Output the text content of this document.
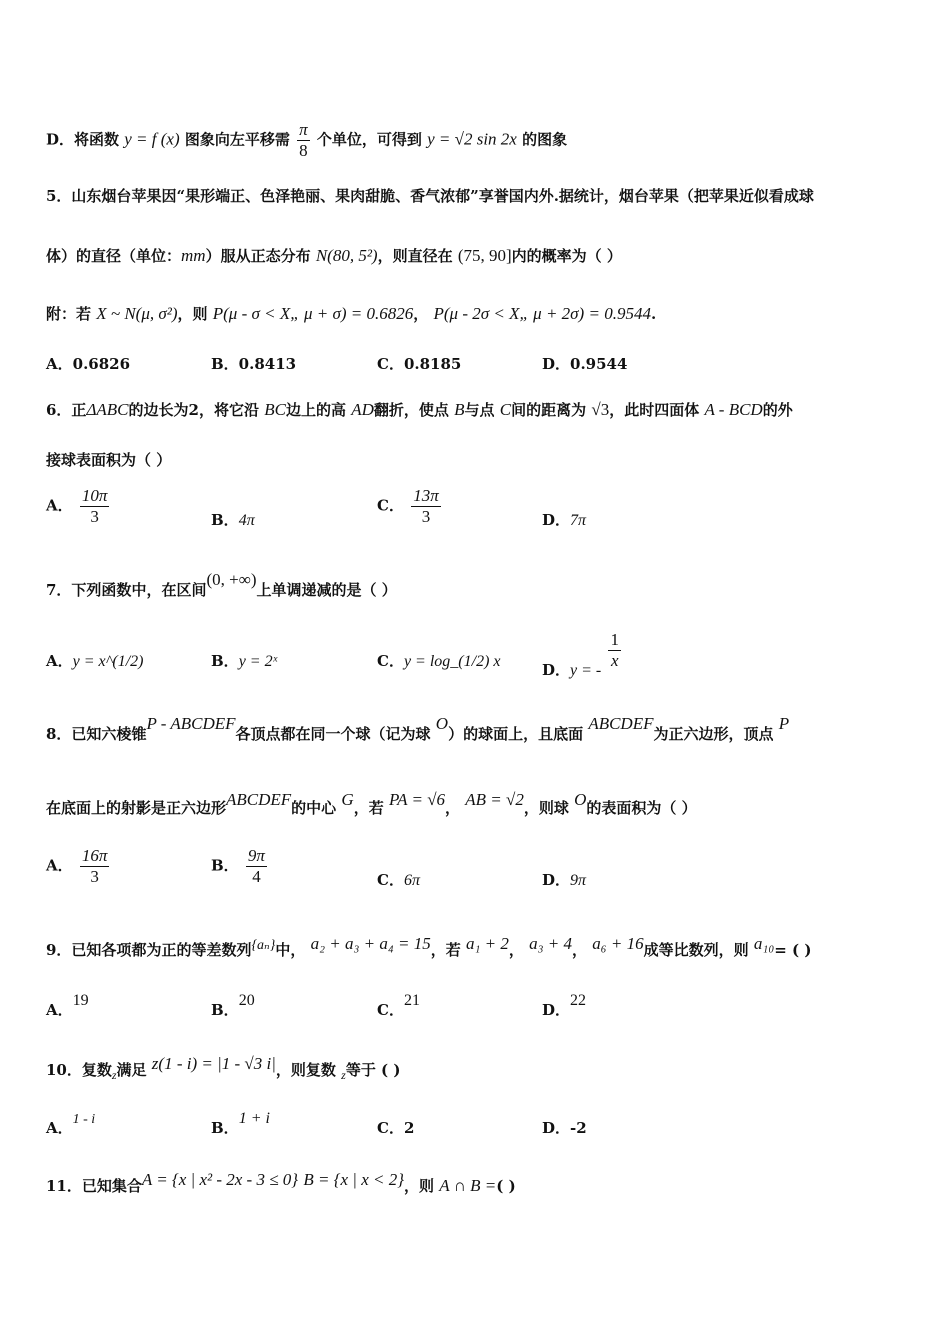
D．将函数 y = f (x) 图象向左平移需 $\frac{\pi}{8}$ 个单位，可得到 y = √2 sin 2x 的图象
5．山东烟台苹果因“果形端正、色泽艳丽、果肉甜脆、香气浓郁”享誉国内外.据统计，烟台苹果（把苹果近似看成球
体）的直径（单位：mm）服从正态分布 N(80, 5²)，则直径在 (75, 90]内的概率为（ ）
附：若 X ~ N(μ, σ²)，则 P(μ - σ < X„ μ + σ) = 0.6826， P(μ - 2σ < X„ μ + 2σ) = 0.9544.
A．0.6826	B．0.8413	C．0.8185	D．0.9544
6．正ΔABC的边长为2，将它沿 BC边上的高 AD翻折，使点 B与点 C间的距离为 √3，此时四面体 A - BCD的外
接球表面积为（ ）
A． $\frac{10\pi}{3}$	B．4π
C． $\frac{13\pi}{3}$	D．7π
7．下列函数中，在区间(0, +∞)上单调递减的是（ ）
A．y = x^(1/2)	B．y = 2ˣ	C．y = log_(1/2) x	D．y = - $\frac{1}{x}$
8．已知六棱锥P - ABCDEF各顶点都在同一个球（记为球 O）的球面上，且底面 ABCDEF为正六边形，顶点 P
在底面上的射影是正六边形ABCDEF的中心 G，若 PA = √6， AB = √2，则球 O的表面积为（ ）
A． $\frac{16\pi}{3}$	B． $\frac{9\pi}{4}$	C．6π	D．9π
9．已知各项都为正的等差数列{aₙ}中， a₂ + a₃ + a₄ = 15，若 a₁ + 2， a₃ + 4， a₆ + 16成等比数列，则 a₁₀= ( )
A．19
B．20
C．21
D．22
10．复数$_z$满足 z(1 - i) = |1 - √3 i|，则复数 $_z$等于 ( )
A．1 - i	B．1 + i
C．2	D．-2
11．已知集合A = {x | x² - 2x - 3 ≤ 0} B = {x | x < 2}，则 A ∩ B =( )
